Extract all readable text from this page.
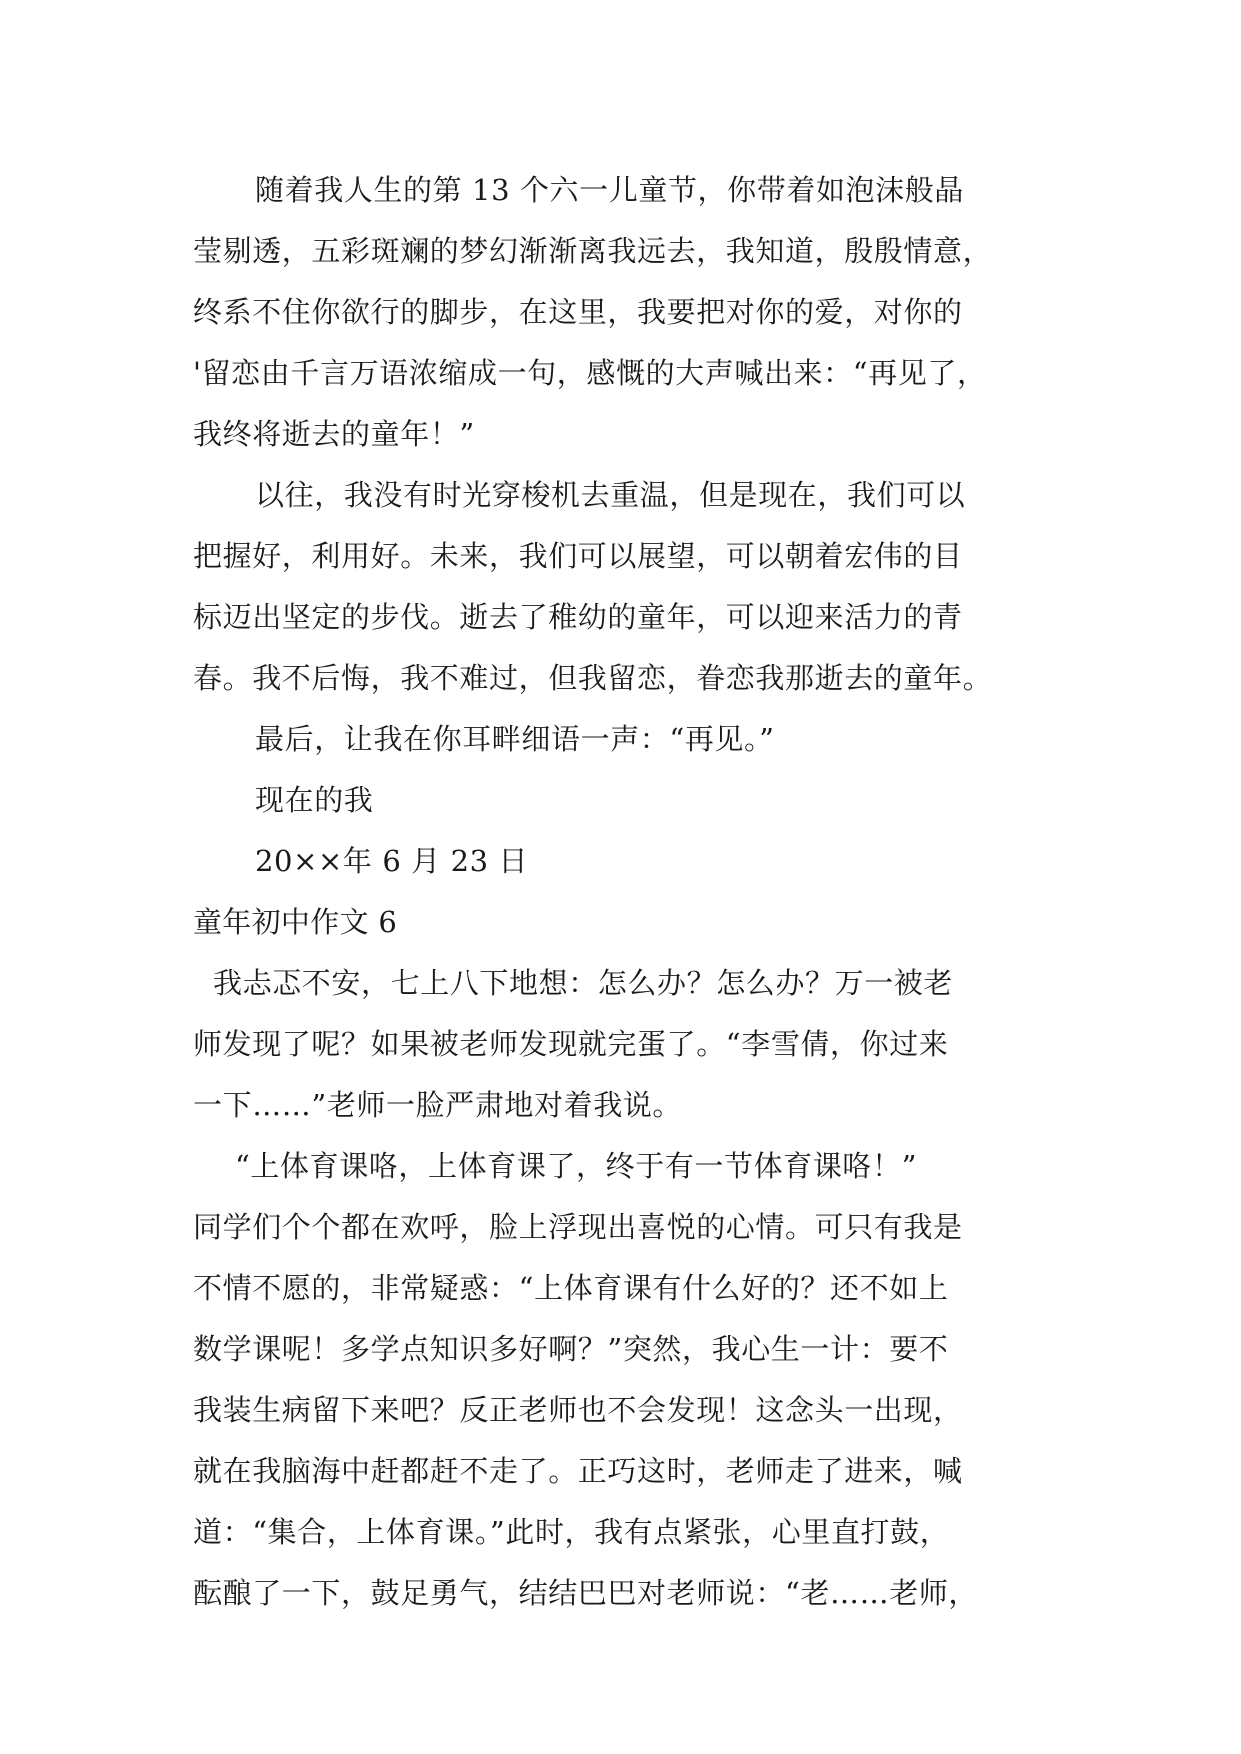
随着我人生的第 13 个六一儿童节，你带着如泡沫般晶
莹剔透，五彩斑斓的梦幻渐渐离我远去，我知道，殷殷情意，
终系不住你欲行的脚步，在这里，我要把对你的爱，对你的
'留恋由千言万语浓缩成一句，感慨的大声喊出来：“再见了，
我终将逝去的童年！”
以往，我没有时光穿梭机去重温，但是现在，我们可以
把握好，利用好。未来，我们可以展望，可以朝着宏伟的目
标迈出坚定的步伐。逝去了稚幼的童年，可以迎来活力的青
春。我不后悔，我不难过，但我留恋，眷恋我那逝去的童年。
最后，让我在你耳畔细语一声：“再见。”
现在的我
20××年 6 月 23 日
童年初中作文 6
我忐忑不安，七上八下地想：怎么办？怎么办？万一被老
师发现了呢？如果被老师发现就完蛋了。“李雪倩，你过来
一下……”老师一脸严肃地对着我说。
“上体育课咯，上体育课了，终于有一节体育课咯！”
同学们个个都在欢呼，脸上浮现出喜悦的心情。可只有我是
不情不愿的，非常疑惑：“上体育课有什么好的？还不如上
数学课呢！多学点知识多好啊？”突然，我心生一计：要不
我装生病留下来吧？反正老师也不会发现！这念头一出现，
就在我脑海中赶都赶不走了。正巧这时，老师走了进来，喊
道：“集合，上体育课。”此时，我有点紧张，心里直打鼓，
酝酿了一下，鼓足勇气，结结巴巴对老师说：“老……老师，
